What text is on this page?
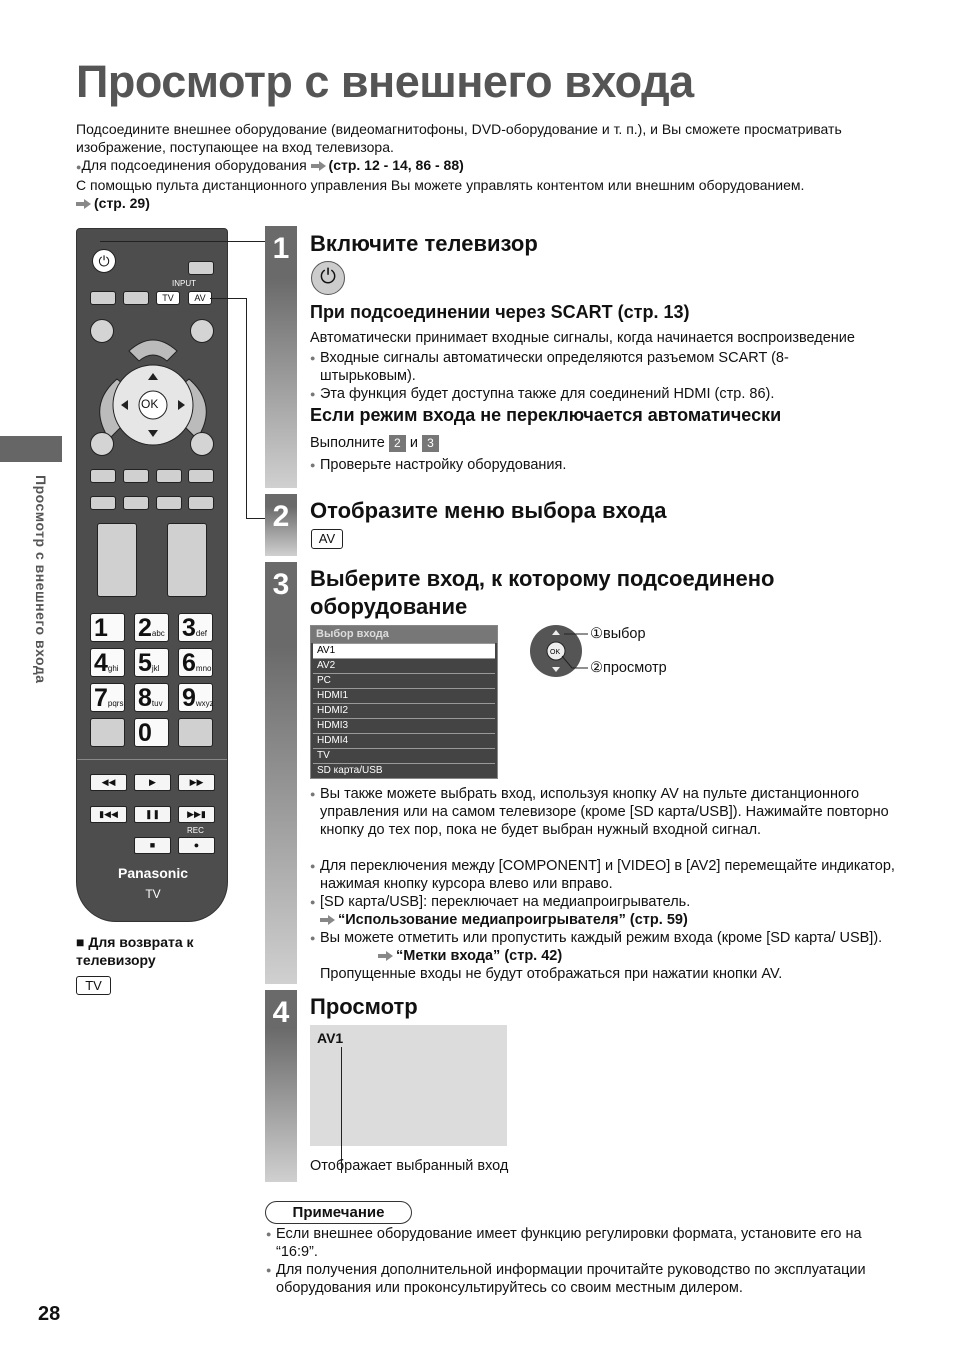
Просмотр с внешнего входа

Подсоедините внешнее оборудование (видеомагнитофоны, DVD-оборудование и т. п.), и Вы сможете просматривать изображение, поступающее на вход телевизора.

●Для подсоединения оборудования (стр. 12 - 14, 86 - 88)

С помощью пульта дистанционного управления Вы можете управлять контентом или внешним оборудованием.

(стр. 29)

Просмотр с внешнего входа
⏻
INPUT
TV	AV
OK
1	2abc 3def
4ghi 5jkl 6mno
7pqrs 8tuv 9wxyz
0
◀◀	▶	▶▶
▮◀◀	❚❚	▶▶▮
REC
■	●
Panasonic
TV
■ Для возврата к телевизору
TV
1 Включите телевизор
⏻
При подсоединении через SCART (стр. 13)
Автоматически принимает входные сигналы, когда начинается воспроизведение
● Входные сигналы автоматически определяются разъемом SCART (8-штырьковым).
● Эта функция будет доступна также для соединений HDMI (стр. 86).
Если режим входа не переключается автоматически
Выполните 2 и 3
● Проверьте настройку оборудования.
2 Отобразите меню выбора входа
AV
3 Выберите вход, к которому подсоединено
оборудование
Выбор входа
AV1
AV2
PC
HDMI1
HDMI2
HDMI3
HDMI4
TV
SD карта/USB
OK
①выбор
②просмотр
● Вы также можете выбрать вход, используя кнопку AV на пульте дистанционного управления или на самом телевизоре (кроме [SD карта/USB]). Нажимайте повторно кнопку до тех пор, пока не будет выбран нужный входной сигнал.
● Для переключения между [COMPONENT] и [VIDEO] в [AV2] перемещайте индикатор, нажимая кнопку курсора влево или вправо.
● [SD карта/USB]: переключает на медиапроигрыватель.
“Использование медиапроигрывателя” (стр. 59)
● Вы можете отметить или пропустить каждый режим входа (кроме [SD карта/ USB]).
“Метки входа” (стр. 42)
Пропущенные входы не будут отображаться при нажатии кнопки AV.
4 Просмотр
AV1
Отображает выбранный вход
Примечание
● Если внешнее оборудование имеет функцию регулировки формата, установите его на “16:9”.
● Для получения дополнительной информации прочитайте руководство по эксплуатации оборудования или проконсультируйтесь со своим местным дилером.
28
